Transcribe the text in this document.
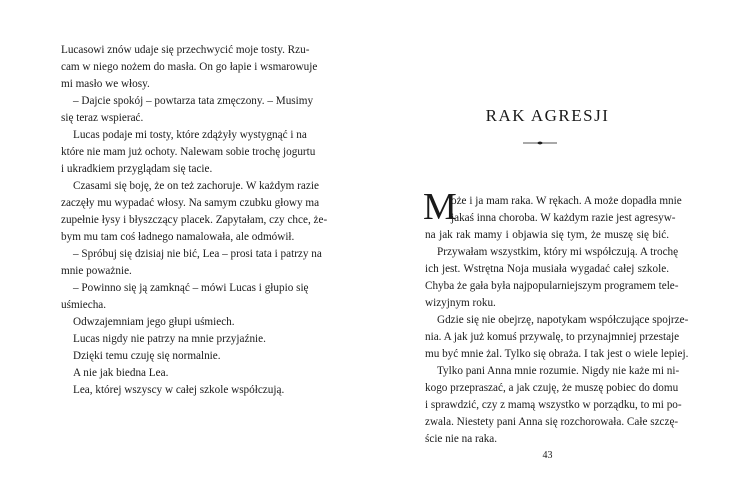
Lucasowi znów udaje się przechwycić moje tosty. Rzu-
cam w niego nożem do masła. On go łapie i wsmarowuje
mi masło we włosy.
– Dajcie spokój – powtarza tata zmęczony. – Musimy
się teraz wspierać.
Lucas podaje mi tosty, które zdążyły wystygnąć i na
które nie mam już ochoty. Nalewam sobie trochę jogurtu
i ukradkiem przyglądam się tacie.
Czasami się boję, że on też zachoruje. W każdym razie
zaczęły mu wypadać włosy. Na samym czubku głowy ma
zupełnie łysy i błyszczący placek. Zapytałam, czy chce, że-
bym mu tam coś ładnego namalowała, ale odmówił.
– Spróbuj się dzisiaj nie bić, Lea – prosi tata i patrzy na
mnie poważnie.
– Powinno się ją zamknąć – mówi Lucas i głupio się
uśmiecha.
Odwzajemniam jego głupi uśmiech.
Lucas nigdy nie patrzy na mnie przyjaźnie.
Dzięki temu czuję się normalnie.
A nie jak biedna Lea.
Lea, której wszyscy w całej szkole współczują.
RAK AGRESJI
M
oże i ja mam raka. W rękach. A może dopadła mnie
jakaś inna choroba. W każdym razie jest agresyw-
na jak rak mamy i objawia się tym, że muszę się bić.
Przywałam wszystkim, który mi współczują. A trochę
ich jest. Wstrętna Noja musiała wygadać całej szkole.
Chyba że gała była najpopularniejszym programem tele-
wizyjnym roku.
Gdzie się nie obejrzę, napotykam współczujące spojrze-
nia. A jak już komuś przywalę, to przynajmniej przestaje
mu być mnie żal. Tylko się obraża. I tak jest o wiele lepiej.
Tylko pani Anna mnie rozumie. Nigdy nie każe mi ni-
kogo przepraszać, a jak czuję, że muszę pobiec do domu
i sprawdzić, czy z mamą wszystko w porządku, to mi po-
zwala. Niestety pani Anna się rozchorowała. Całe szczę-
ście nie na raka.
43
